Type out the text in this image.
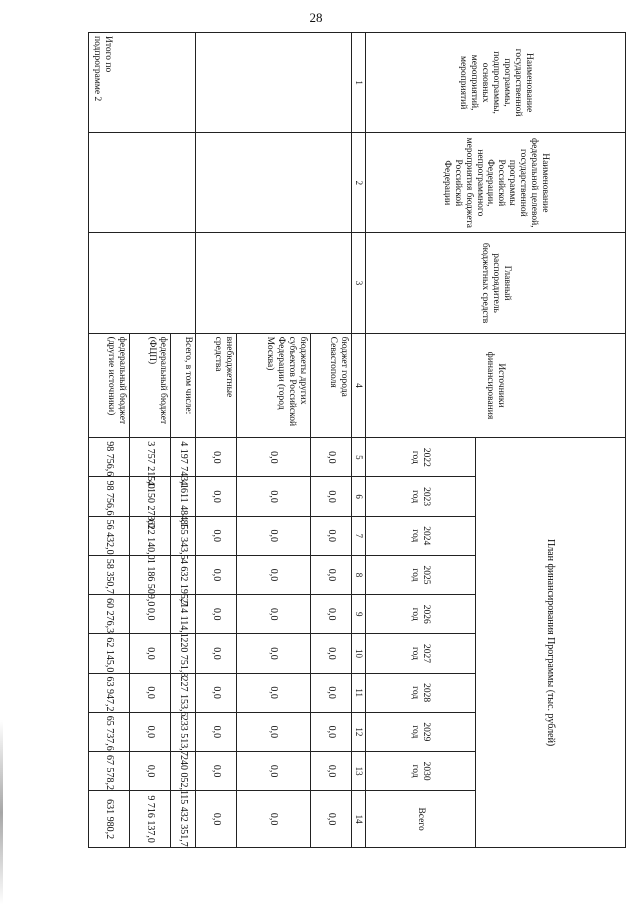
28
Наименование государственной программы, подпрограммы, основных мероприятий, мероприятий	Наименование федеральной целевой, государственной программы Российской Федерации, непрограммного мероприятия бюджета Российской Федерации	Главный распорядитель бюджетных средств	Источники финансирования	План финансирования Программы (тыс. рублей)									
				2022 год	2023 год	2024 год	2025 год	2026 год	2027 год	2028 год	2029 год	2030 год	Всего
1	2	3	4	5	6	7	8	9	10	11	12	13	14
			бюджет города Севастополя	0,0	0,0	0,0	0,0	0,0	0,0	0,0	0,0	0,0	0,0
			бюджеты других субъектов Российской Федерации (город Москва)	0,0	0,0	0,0	0,0	0,0	0,0	0,0	0,0	0,0	0,0
			внебюджетные средства	0,0	0,0	0,0	0,0	0,0	0,0	0,0	0,0	0,0	0,0
Итого по подпрограмме 2			Всего, в том числе:	4 197 743,1	4 611 484,1	855 343,5	4 632 195,7	214 114,1	220 751,8	227 153,6	233 513,7	240 052,1	15 432 351,7
			федеральный бюджет (ФЦП)	3 757 215,0	4 150 273,0	622 140,0	1 186 509,0	0,0	0,0	0,0	0,0	0,0	9 716 137,0
			федеральный бюджет (другие источники)	98 756,6	98 756,6	56 432,0	58 350,7	60 276,3	62 145,0	63 947,2	65 737,6	67 578,2	631 980,2
